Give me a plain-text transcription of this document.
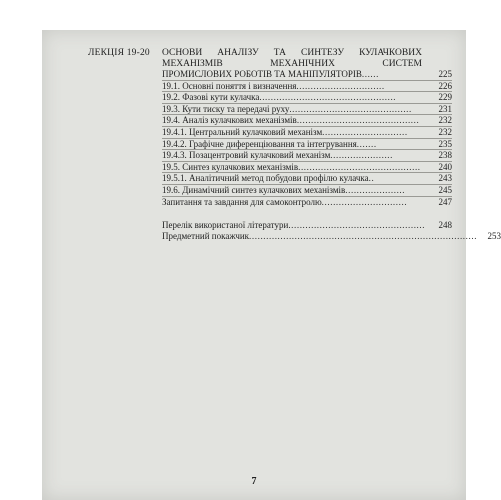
ЛЕКЦІЯ 19-20 ОСНОВИ АНАЛІЗУ ТА СИНТЕЗУ КУЛАЧКОВИХ
МЕХАНІЗМІВ	МЕХАНІЧНИХ	СИСТЕМ
ПРОМИСЛОВИХ РОБОТІВ ТА МАНІПУЛЯТОРІВ ......	225
19.1. Основні поняття і визначення ...............................	226
19.2. Фазові кути кулачка ................................................	229
19.3. Кути тиску та передачі руху ...........................................	231
19.4. Аналіз кулачкових механізмів ...........................................	232
19.4.1. Центральний кулачковий механізм ..............................	232
19.4.2. Графічне диференціювання та інтегрування .......	235
19.4.3. Позацентровий кулачковий механізм ......................	238
19.5. Синтез кулачкових механізмів ...........................................	240
19.5.1. Аналітичний метод побудови профілю кулачка ..	243
19.6. Динамічний синтез кулачкових механізмів .....................	245
Запитання та завдання для самоконтролю ..............................	247
Перелік використаної літератури ................................................	248
Предметний покажчик ................................................................................	253
7
